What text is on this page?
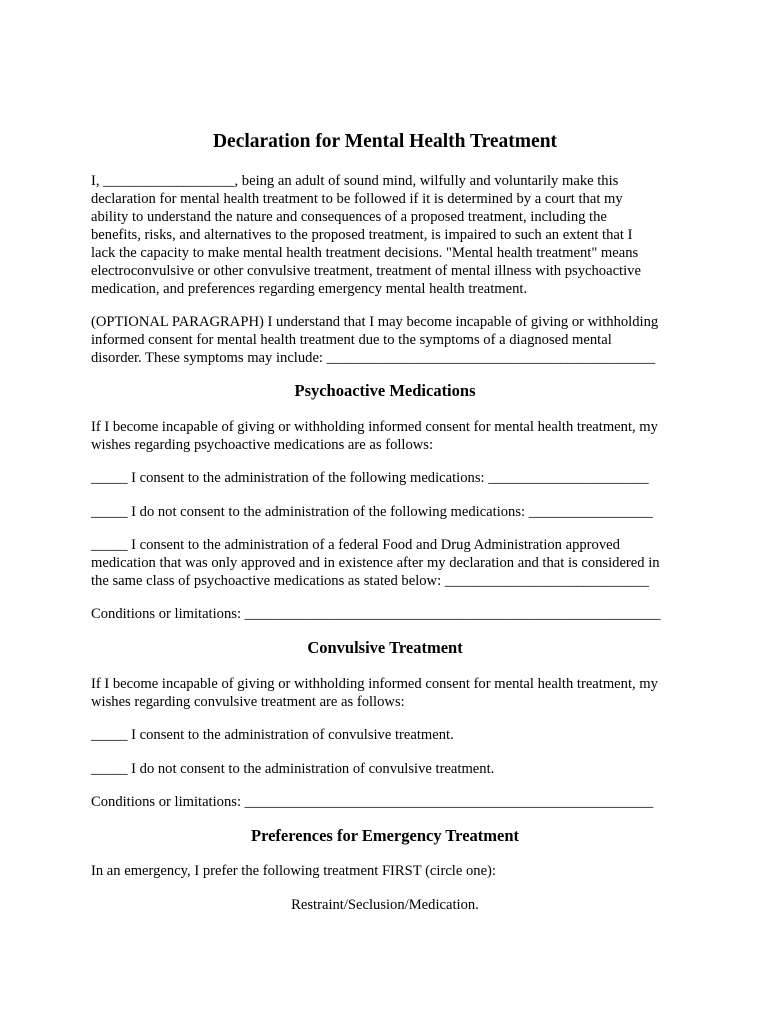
Declaration for Mental Health Treatment
I, __________________, being an adult of sound mind, wilfully and voluntarily make this
declaration for mental health treatment to be followed if it is determined by a court that my
ability to understand the nature and consequences of a proposed treatment, including the
benefits, risks, and alternatives to the proposed treatment, is impaired to such an extent that I
lack the capacity to make mental health treatment decisions. "Mental health treatment" means
electroconvulsive or other convulsive treatment, treatment of mental illness with psychoactive
medication, and preferences regarding emergency mental health treatment.
(OPTIONAL PARAGRAPH) I understand that I may become incapable of giving or withholding
informed consent for mental health treatment due to the symptoms of a diagnosed mental
disorder. These symptoms may include: _____________________________________________
Psychoactive Medications
If I become incapable of giving or withholding informed consent for mental health treatment, my
wishes regarding psychoactive medications are as follows:
_____ I consent to the administration of the following medications: ______________________
_____ I do not consent to the administration of the following medications: _________________
_____ I consent to the administration of a federal Food and Drug Administration approved
medication that was only approved and in existence after my declaration and that is considered in
the same class of psychoactive medications as stated below: ____________________________
Conditions or limitations: _________________________________________________________
Convulsive Treatment
If I become incapable of giving or withholding informed consent for mental health treatment, my
wishes regarding convulsive treatment are as follows:
_____ I consent to the administration of convulsive treatment.
_____ I do not consent to the administration of convulsive treatment.
Conditions or limitations: ________________________________________________________
Preferences for Emergency Treatment
In an emergency, I prefer the following treatment FIRST (circle one):
Restraint/Seclusion/Medication.
